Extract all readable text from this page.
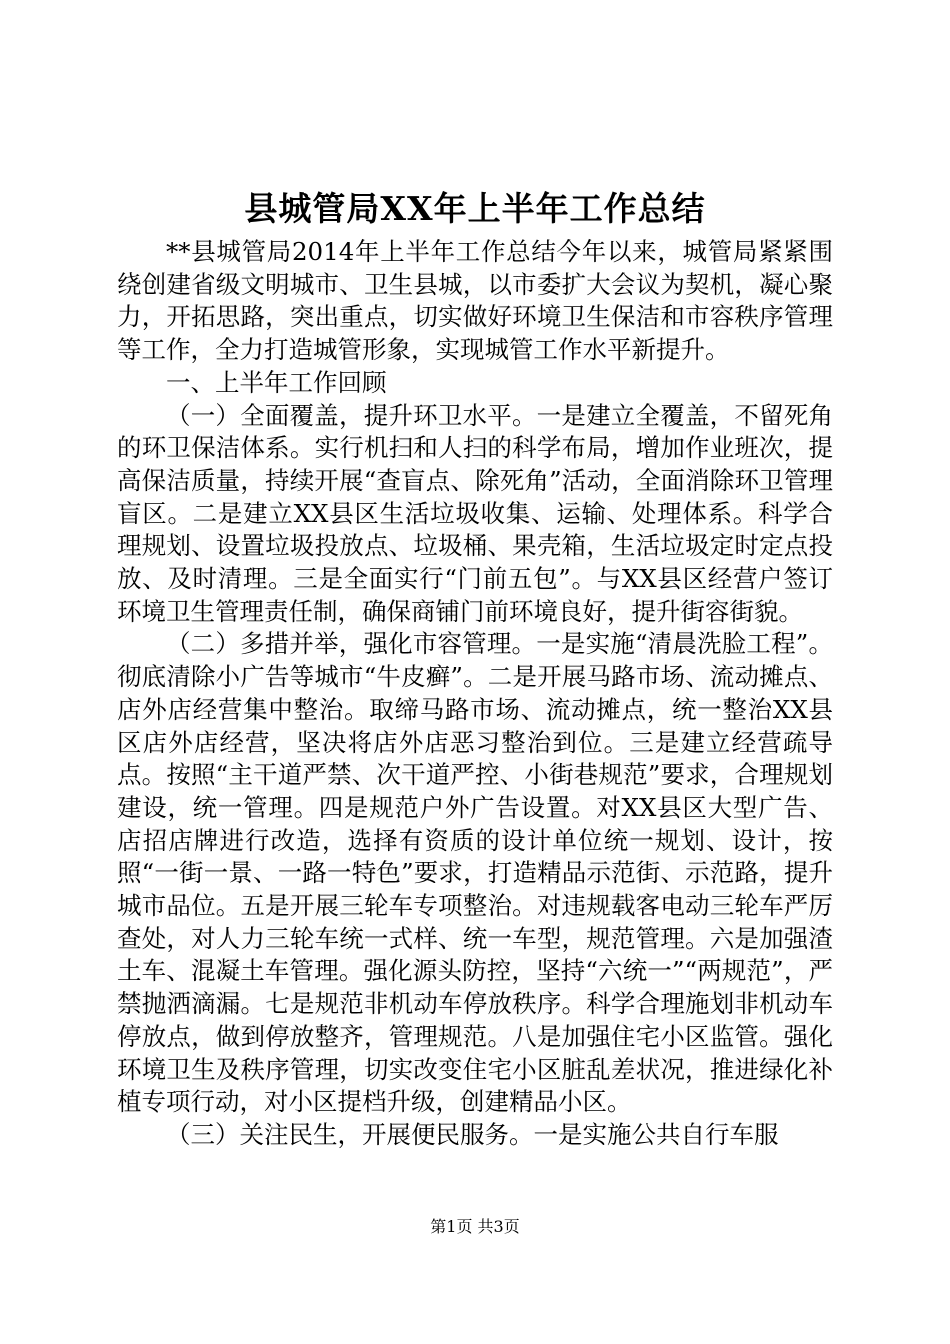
县城管局XX年上半年工作总结

**县城管局2014年上半年工作总结今年以来，城管局紧紧围绕创建省级文明城市、卫生县城，以市委扩大会议为契机，凝心聚力，开拓思路，突出重点，切实做好环境卫生保洁和市容秩序管理等工作，全力打造城管形象，实现城管工作水平新提升。

一、上半年工作回顾

（一）全面覆盖，提升环卫水平。一是建立全覆盖，不留死角的环卫保洁体系。实行机扫和人扫的科学布局，增加作业班次，提高保洁质量，持续开展“查盲点、除死角”活动，全面消除环卫管理盲区。二是建立XX县区生活垃圾收集、运输、处理体系。科学合理规划、设置垃圾投放点、垃圾桶、果壳箱，生活垃圾定时定点投放、及时清理。三是全面实行“门前五包”。与XX县区经营户签订环境卫生管理责任制，确保商铺门前环境良好，提升街容街貌。

（二）多措并举，强化市容管理。一是实施“清晨洗脸工程”。彻底清除小广告等城市“牛皮癣”。二是开展马路市场、流动摊点、店外店经营集中整治。取缔马路市场、流动摊点，统一整治XX县区店外店经营，坚决将店外店恶习整治到位。三是建立经营疏导点。按照“主干道严禁、次干道严控、小街巷规范”要求，合理规划建设，统一管理。四是规范户外广告设置。对XX县区大型广告、店招店牌进行改造，选择有资质的设计单位统一规划、设计，按照“一街一景、一路一特色”要求，打造精品示范街、示范路，提升城市品位。五是开展三轮车专项整治。对违规载客电动三轮车严厉查处，对人力三轮车统一式样、统一车型，规范管理。六是加强渣土车、混凝土车管理。强化源头防控，坚持“六统一”“两规范”，严禁抛洒滴漏。七是规范非机动车停放秩序。科学合理施划非机动车停放点，做到停放整齐，管理规范。八是加强住宅小区监管。强化环境卫生及秩序管理，切实改变住宅小区脏乱差状况，推进绿化补植专项行动，对小区提档升级，创建精品小区。

（三）关注民生，开展便民服务。一是实施公共自行车服

第1页 共3页
